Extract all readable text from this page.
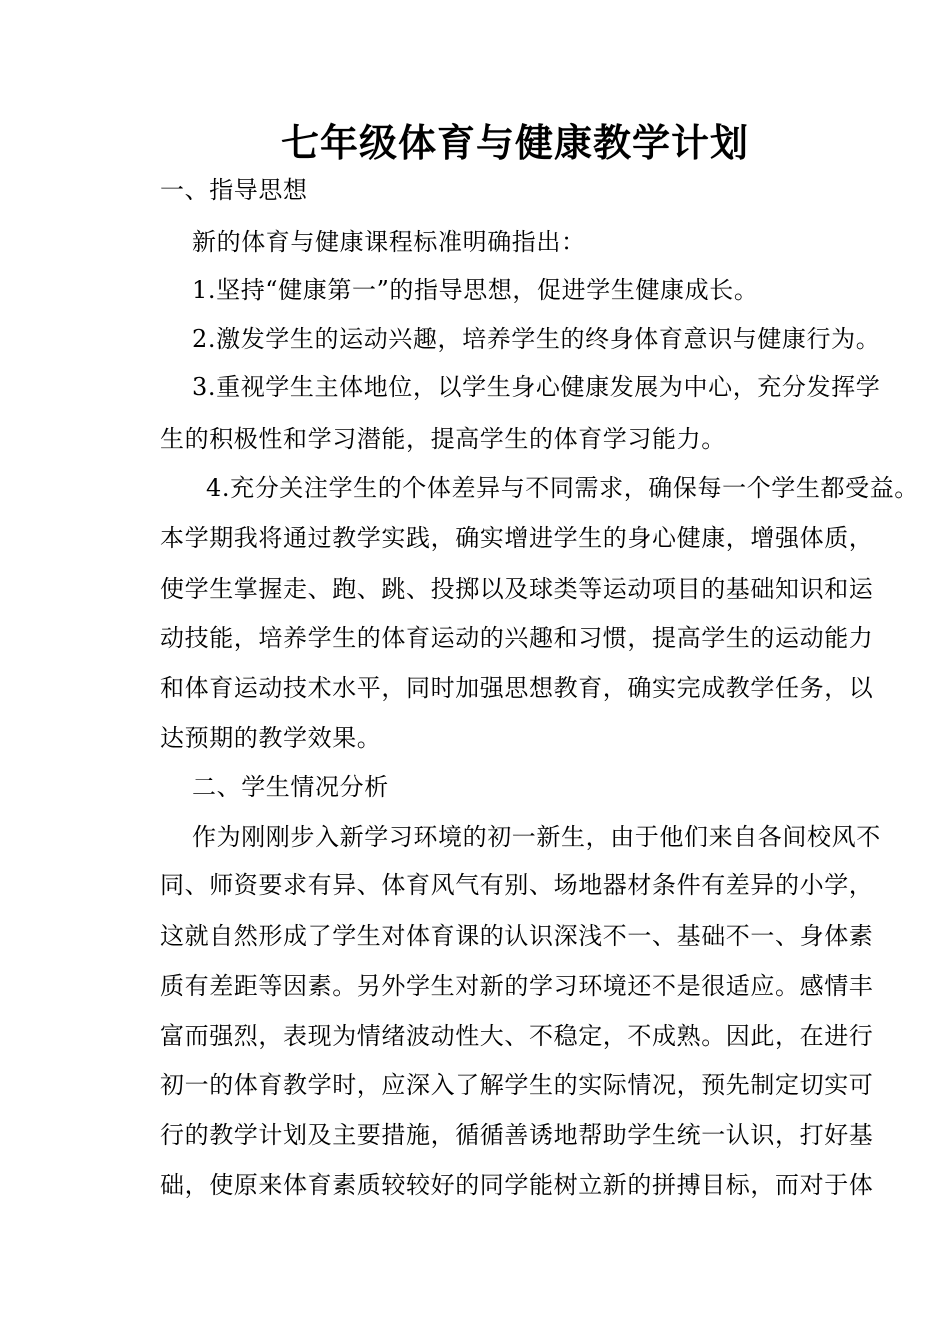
七年级体育与健康教学计划
一、指导思想
新的体育与健康课程标准明确指出：
1.坚持“健康第一”的指导思想，促进学生健康成长。
2.激发学生的运动兴趣，培养学生的终身体育意识与健康行为。
3.重视学生主体地位，以学生身心健康发展为中心，充分发挥学
生的积极性和学习潜能，提高学生的体育学习能力。
4.充分关注学生的个体差异与不同需求，确保每一个学生都受益。
本学期我将通过教学实践，确实增进学生的身心健康，增强体质，
使学生掌握走、跑、跳、投掷以及球类等运动项目的基础知识和运
动技能，培养学生的体育运动的兴趣和习惯，提高学生的运动能力
和体育运动技术水平，同时加强思想教育，确实完成教学任务，以
达预期的教学效果。
二、学生情况分析
作为刚刚步入新学习环境的初一新生，由于他们来自各间校风不
同、师资要求有异、体育风气有别、场地器材条件有差异的小学，
这就自然形成了学生对体育课的认识深浅不一、基础不一、身体素
质有差距等因素。另外学生对新的学习环境还不是很适应。感情丰
富而强烈，表现为情绪波动性大、不稳定，不成熟。因此，在进行
初一的体育教学时，应深入了解学生的实际情况，预先制定切实可
行的教学计划及主要措施，循循善诱地帮助学生统一认识，打好基
础，使原来体育素质较较好的同学能树立新的拼搏目标，而对于体
